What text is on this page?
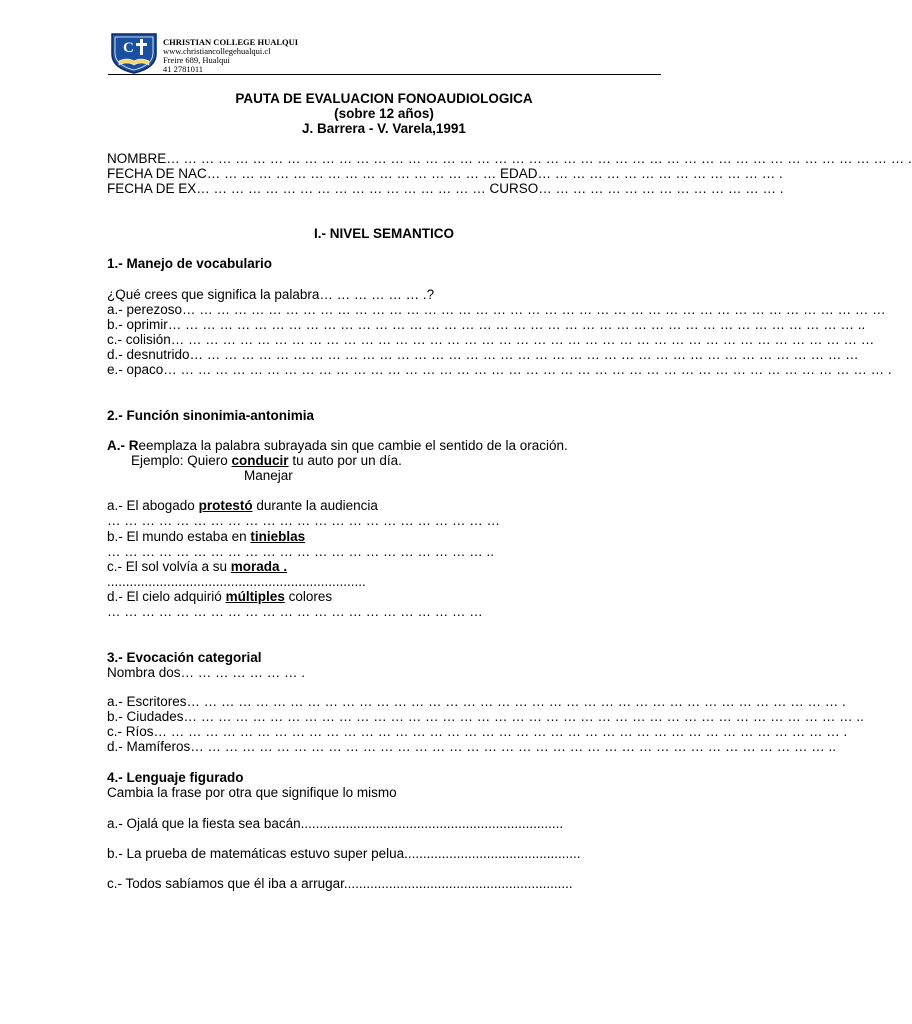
C	CHRISTIAN COLLEGE HUALQUI
www.christiancollegehualqui.cl
Freire 689, Hualqui
41 2781011
PAUTA DE EVALUACION FONOAUDIOLOGICA
(sobre 12 años)
J. Barrera - V. Varela,1991
NOMBRE… … … … … … … … … … … … … … … … … … … … … … … … … … … … … … … … … … … … … … … … … … … .
FECHA DE NAC… … … … … … … … … … … … … … … … … EDAD… … … … … … … … … … … … … … .
FECHA DE EX… … … … … … … … … … … … … … … … … CURSO… … … … … … … … … … … … … … .
I.- NIVEL SEMANTICO
1.- Manejo de vocabulario
¿Qué crees que significa la palabra… … … … … … .?
a.- perezoso… … … … … … … … … … … … … … … … … … … … … … … … … … … … … … … … … … … … … … … … …
b.- oprimir… … … … … … … … … … … … … … … … … … … … … … … … … … … … … … … … … … … … … … … … ..
c.- colisión… … … … … … … … … … … … … … … … … … … … … … … … … … … … … … … … … … … … … … … … …
d.- desnutrido… … … … … … … … … … … … … … … … … … … … … … … … … … … … … … … … … … … … … … …
e.- opaco… … … … … … … … … … … … … … … … … … … … … … … … … … … … … … … … … … … … … … … … … … .
2.- Función sinonimia-antonimia
A.- Reemplaza la palabra subrayada sin que cambie el sentido de la oración.
Ejemplo: Quiero conducir tu auto por un día.
Manejar
a.- El abogado protestó durante la audiencia
… … … … … … … … … … … … … … … … … … … … … … …
b.- El mundo estaba en tinieblas
… … … … … … … … … … … … … … … … … … … … … … ..
c.- El sol volvía a su morada .
.....................................................................
d.- El cielo adquirió múltiples colores
… … … … … … … … … … … … … … … … … … … … … …
3.- Evocación categorial
Nombra dos… … … … … … … .
a.- Escritores… … … … … … … … … … … … … … … … … … … … … … … … … … … … … … … … … … … … … … .
b.- Ciudades… … … … … … … … … … … … … … … … … … … … … … … … … … … … … … … … … … … … … … … ..
c.- Ríos… … … … … … … … … … … … … … … … … … … … … … … … … … … … … … … … … … … … … … … … .
d.- Mamíferos… … … … … … … … … … … … … … … … … … … … … … … … … … … … … … … … … … … … … ..
4.- Lenguaje figurado
Cambia la frase por otra que signifique lo mismo
a.- Ojalá que la fiesta sea bacán......................................................................
b.- La prueba de matemáticas estuvo super pelua...............................................
c.- Todos sabíamos que él iba a arrugar.............................................................
